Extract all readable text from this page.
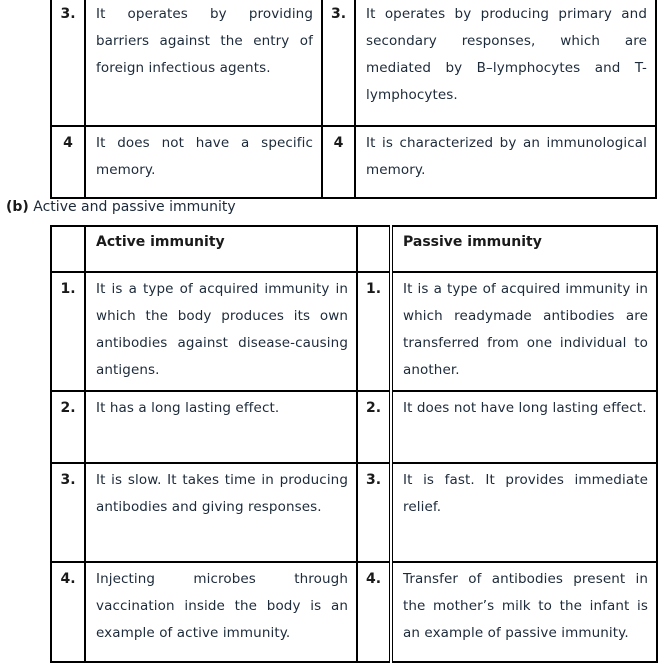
3.	It operates by providing barriers against the entry of foreign infectious agents.	3.	It operates by producing primary and secondary responses, which are mediated by B–lymphocytes and T-lymphocytes.
4	It does not have a specific memory.	4	It is characterized by an immunological memory.
(b) Active and passive immunity
	Active immunity		Passive immunity
1.	It is a type of acquired immunity in which the body produces its own antibodies against disease-causing antigens.	1.	It is a type of acquired immunity in which readymade antibodies are transferred from one individual to another.
2.	It has a long lasting effect.	2.	It does not have long lasting effect.
3.	It is slow. It takes time in producing antibodies and giving responses.	3.	It is fast. It provides immediate relief.
4.	Injecting microbes through vaccination inside the body is an example of active immunity.	4.	Transfer of antibodies present in the mother’s milk to the infant is an example of passive immunity.
